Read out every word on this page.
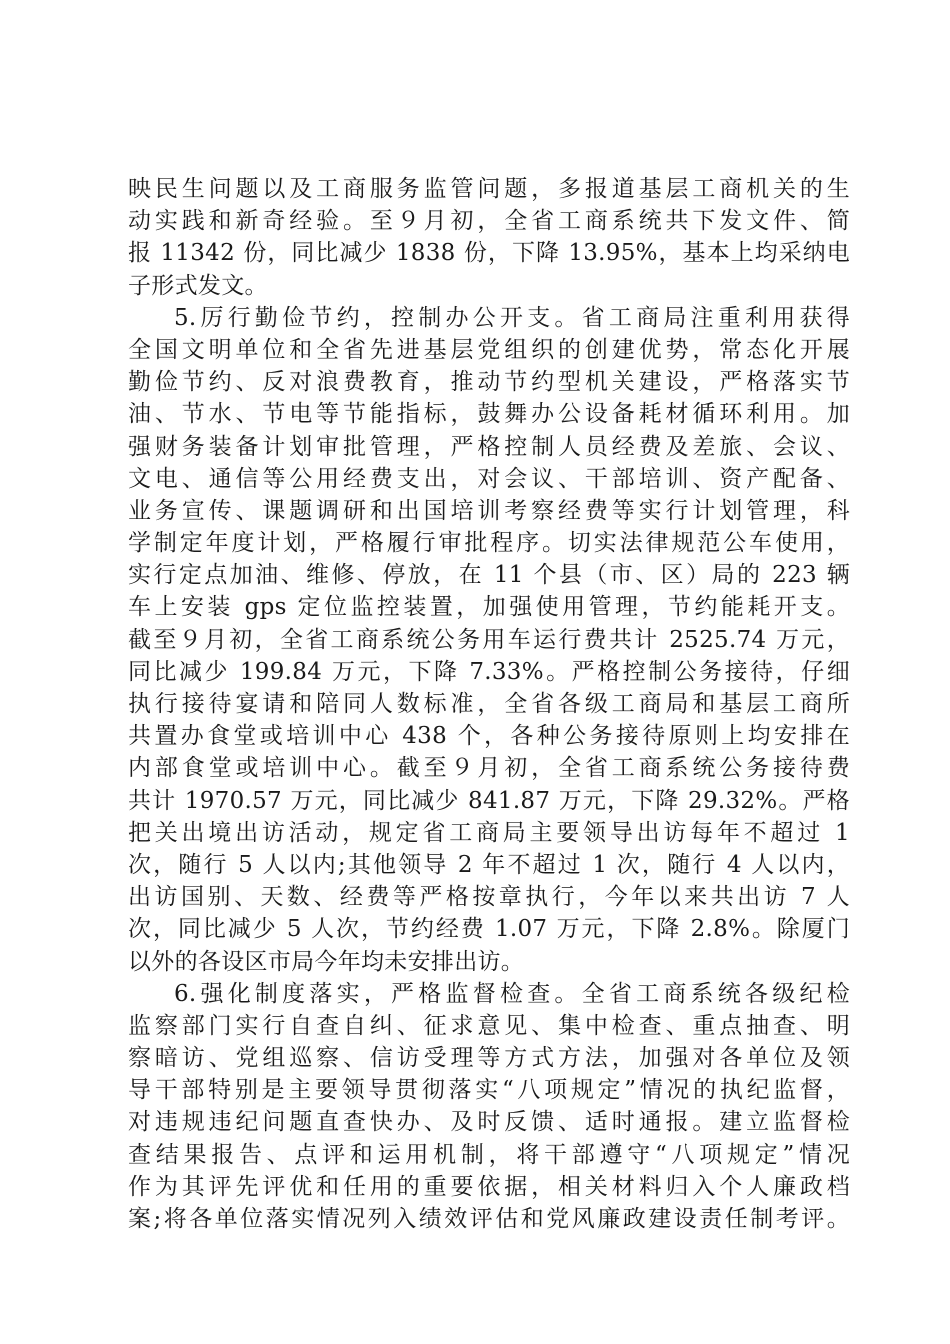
映民生问题以及工商服务监管问题，多报道基层工商机关的生
动实践和新奇经验。至９月初，全省工商系统共下发文件、简
报 11342 份，同比减少 1838 份，下降 13.95%，基本上均采纳电
子形式发文。
5.厉行勤俭节约，控制办公开支。省工商局注重利用获得
全国文明单位和全省先进基层党组织的创建优势，常态化开展
勤俭节约、反对浪费教育，推动节约型机关建设，严格落实节
油、节水、节电等节能指标，鼓舞办公设备耗材循环利用。加
强财务装备计划审批管理，严格控制人员经费及差旅、会议、
文电、通信等公用经费支出，对会议、干部培训、资产配备、
业务宣传、课题调研和出国培训考察经费等实行计划管理，科
学制定年度计划，严格履行审批程序。切实法律规范公车使用，
实行定点加油、维修、停放，在 11 个县（市、区）局的 223 辆
车上安装 gps 定位监控装置，加强使用管理，节约能耗开支。
截至９月初，全省工商系统公务用车运行费共计 2525.74 万元，
同比减少 199.84 万元，下降 7.33%。严格控制公务接待，仔细
执行接待宴请和陪同人数标准，全省各级工商局和基层工商所
共置办食堂或培训中心 438 个，各种公务接待原则上均安排在
内部食堂或培训中心。截至９月初，全省工商系统公务接待费
共计 1970.57 万元，同比减少 841.87 万元，下降 29.32%。严格
把关出境出访活动，规定省工商局主要领导出访每年不超过 1
次，随行 5 人以内;其他领导 2 年不超过 1 次，随行 4 人以内，
出访国别、天数、经费等严格按章执行，今年以来共出访 7 人
次，同比减少 5 人次，节约经费 1.07 万元，下降 2.8%。除厦门
以外的各设区市局今年均未安排出访。
6.强化制度落实，严格监督检查。全省工商系统各级纪检
监察部门实行自查自纠、征求意见、集中检查、重点抽查、明
察暗访、党组巡察、信访受理等方式方法，加强对各单位及领
导干部特别是主要领导贯彻落实“八项规定”情况的执纪监督，
对违规违纪问题直查快办、及时反馈、适时通报。建立监督检
查结果报告、点评和运用机制，将干部遵守“八项规定”情况
作为其评先评优和任用的重要依据，相关材料归入个人廉政档
案;将各单位落实情况列入绩效评估和党风廉政建设责任制考评。
